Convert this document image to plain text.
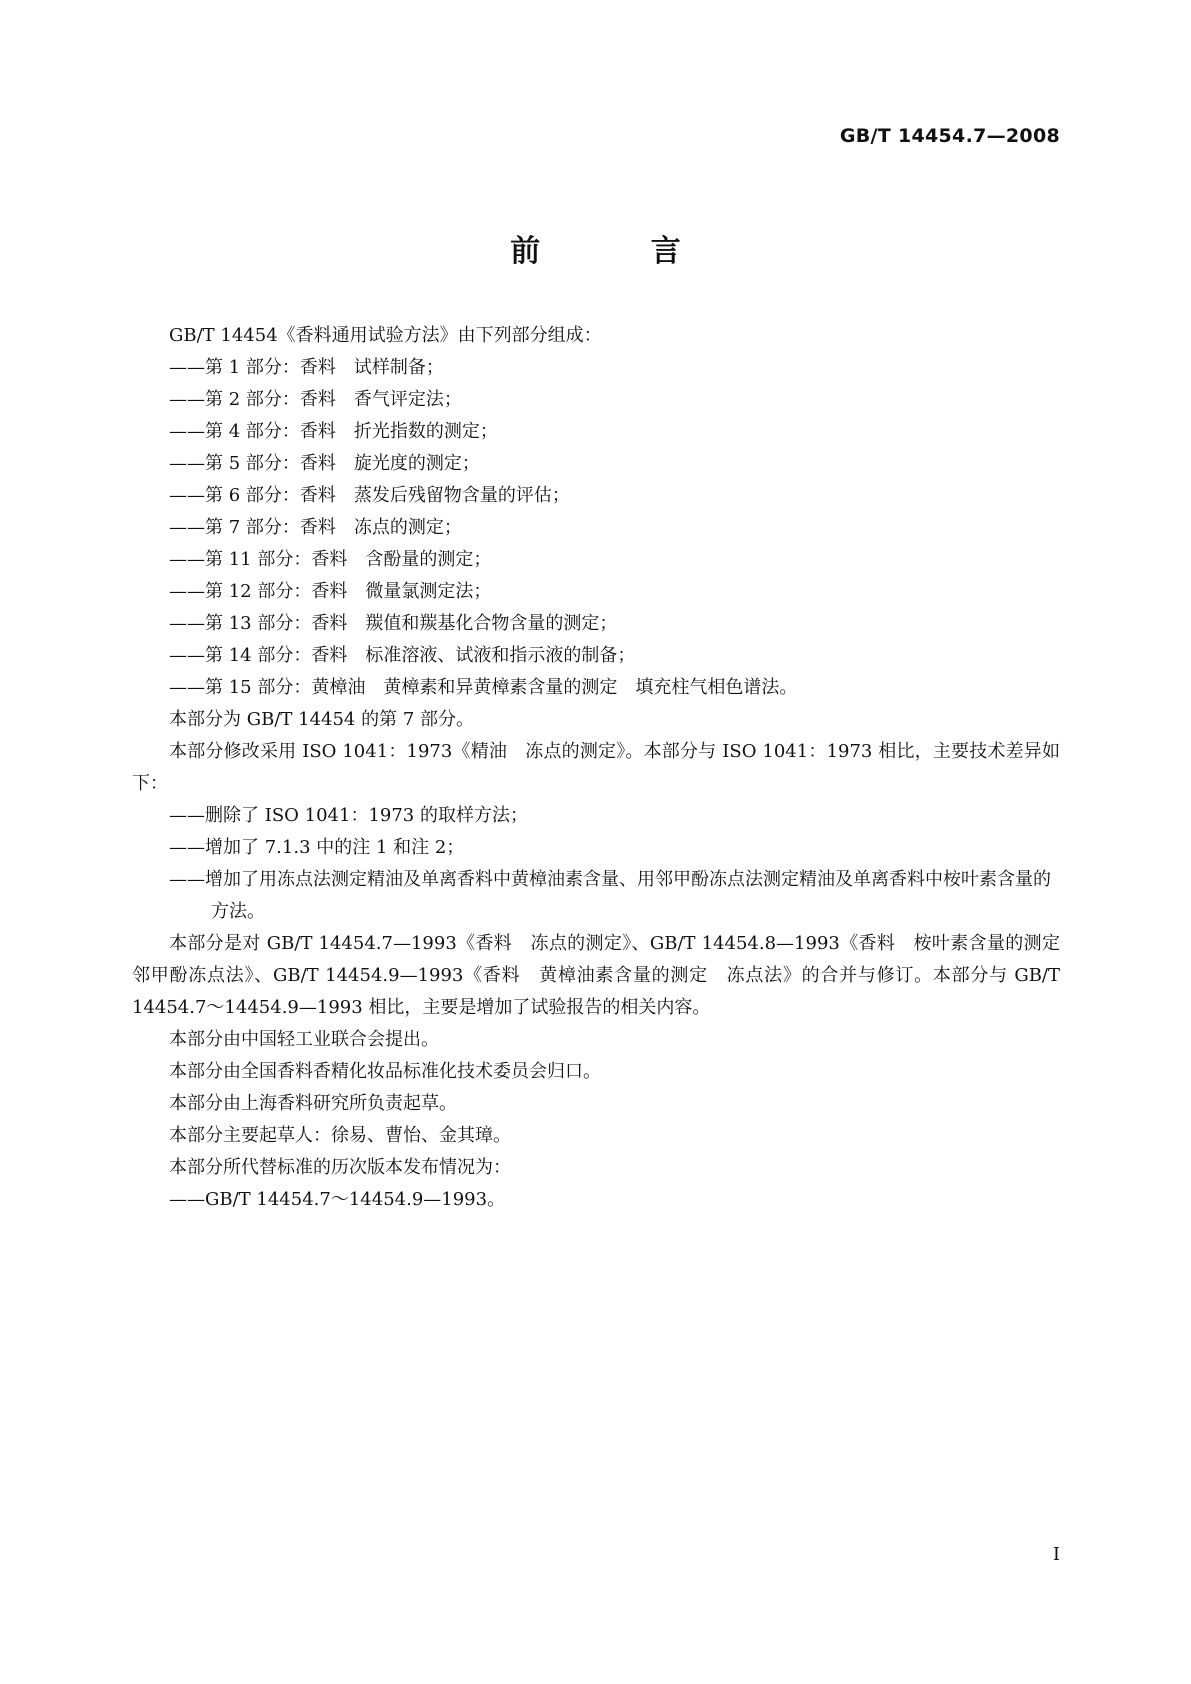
GB/T 14454.7—2008
前 言

GB/T 14454《香料通用试验方法》由下列部分组成：

——第 1 部分：香料　试样制备；
——第 2 部分：香料　香气评定法；
——第 4 部分：香料　折光指数的测定；
——第 5 部分：香料　旋光度的测定；
——第 6 部分：香料　蒸发后残留物含量的评估；
——第 7 部分：香料　冻点的测定；
——第 11 部分：香料　含酚量的测定；
——第 12 部分：香料　微量氯测定法；
——第 13 部分：香料　羰值和羰基化合物含量的测定；
——第 14 部分：香料　标准溶液、试液和指示液的制备；
——第 15 部分：黄樟油　黄樟素和异黄樟素含量的测定　填充柱气相色谱法。

本部分为 GB/T 14454 的第 7 部分。

本部分修改采用 ISO 1041：1973《精油　冻点的测定》。本部分与 ISO 1041：1973 相比，主要技术差异如下：

——删除了 ISO 1041：1973 的取样方法；
——增加了 7.1.3 中的注 1 和注 2；
——增加了用冻点法测定精油及单离香料中黄樟油素含量、用邻甲酚冻点法测定精油及单离香料中桉叶素含量的方法。

本部分是对 GB/T 14454.7—1993《香料　冻点的测定》、GB/T 14454.8—1993《香料　桉叶素含量的测定　邻甲酚冻点法》、GB/T 14454.9—1993《香料　黄樟油素含量的测定　冻点法》的合并与修订。本部分与 GB/T 14454.7～14454.9—1993 相比，主要是增加了试验报告的相关内容。

本部分由中国轻工业联合会提出。

本部分由全国香料香精化妆品标准化技术委员会归口。

本部分由上海香料研究所负责起草。

本部分主要起草人：徐易、曹怡、金其璋。

本部分所代替标准的历次版本发布情况为：

——GB/T 14454.7～14454.9—1993。
I
